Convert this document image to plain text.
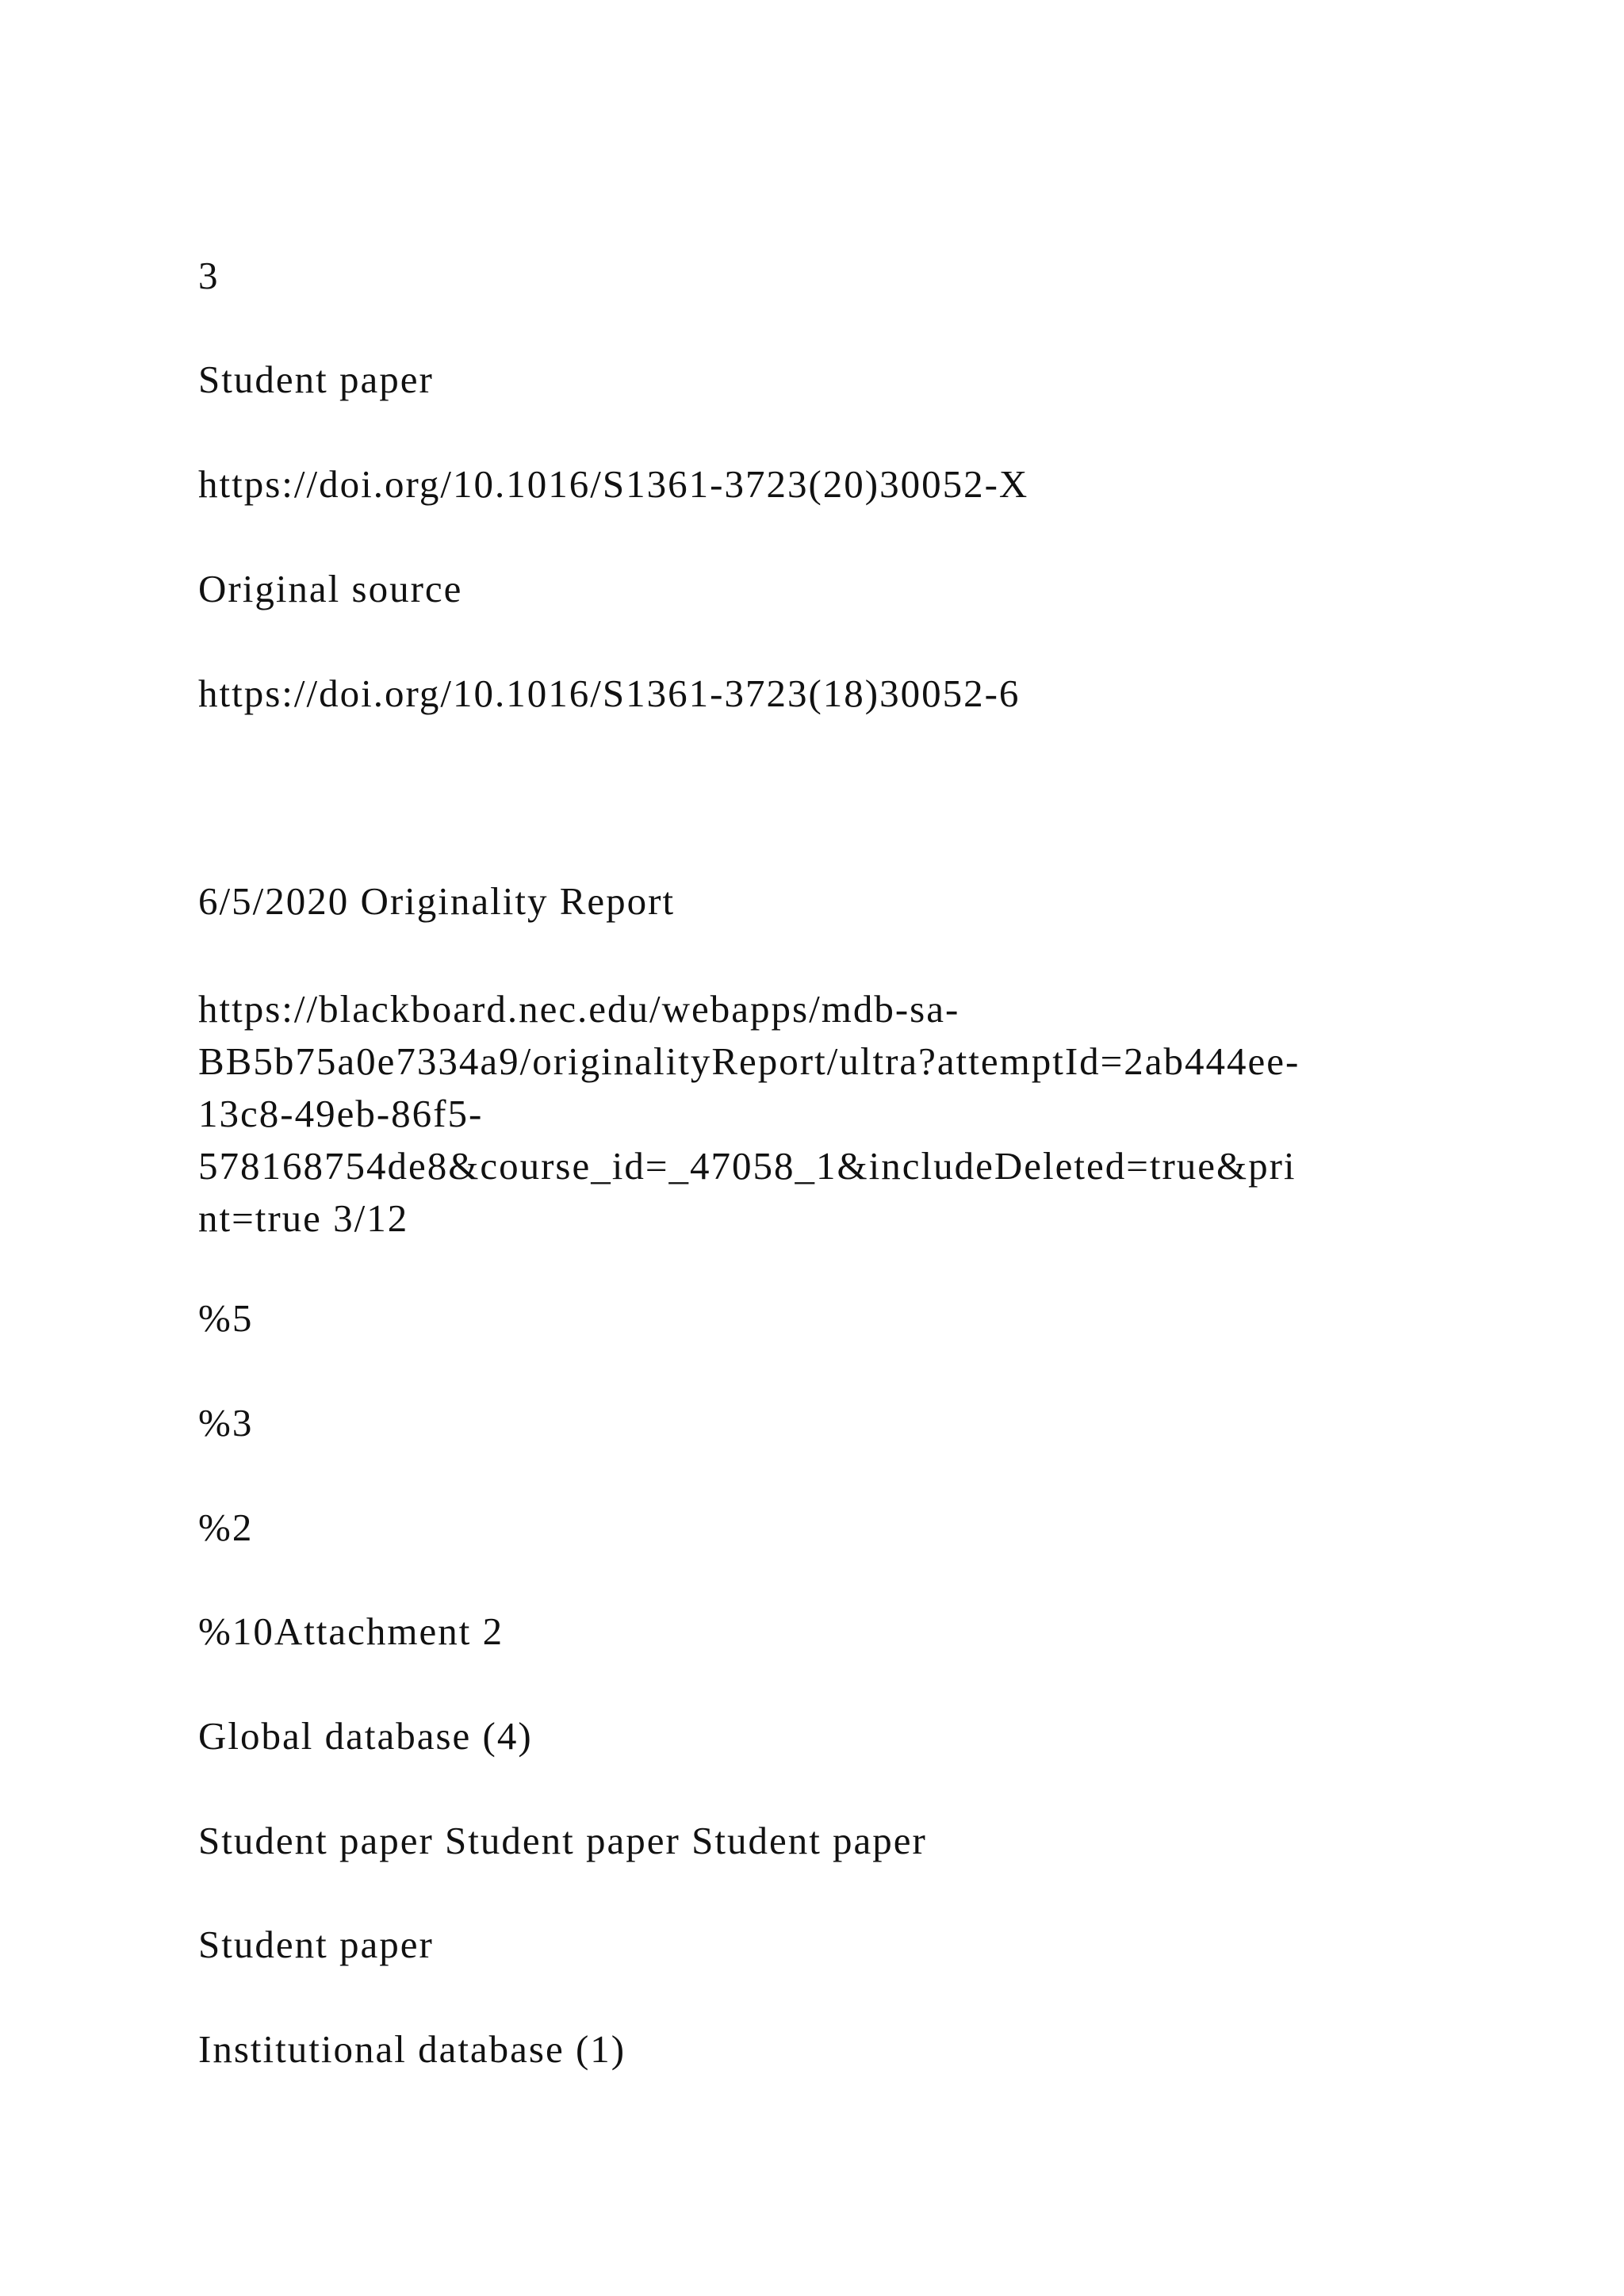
3
Student paper
https://doi.org/10.1016/S1361-3723(20)30052-X
Original source
https://doi.org/10.1016/S1361-3723(18)30052-6
6/5/2020 Originality Report
https://blackboard.nec.edu/webapps/mdb-sa-
BB5b75a0e7334a9/originalityReport/ultra?attemptId=2ab444ee-
13c8-49eb-86f5-
578168754de8&course_id=_47058_1&includeDeleted=true&pri
nt=true 3/12
%5
%3
%2
%10Attachment 2
Global database (4)
Student paper Student paper Student paper
Student paper
Institutional database (1)
